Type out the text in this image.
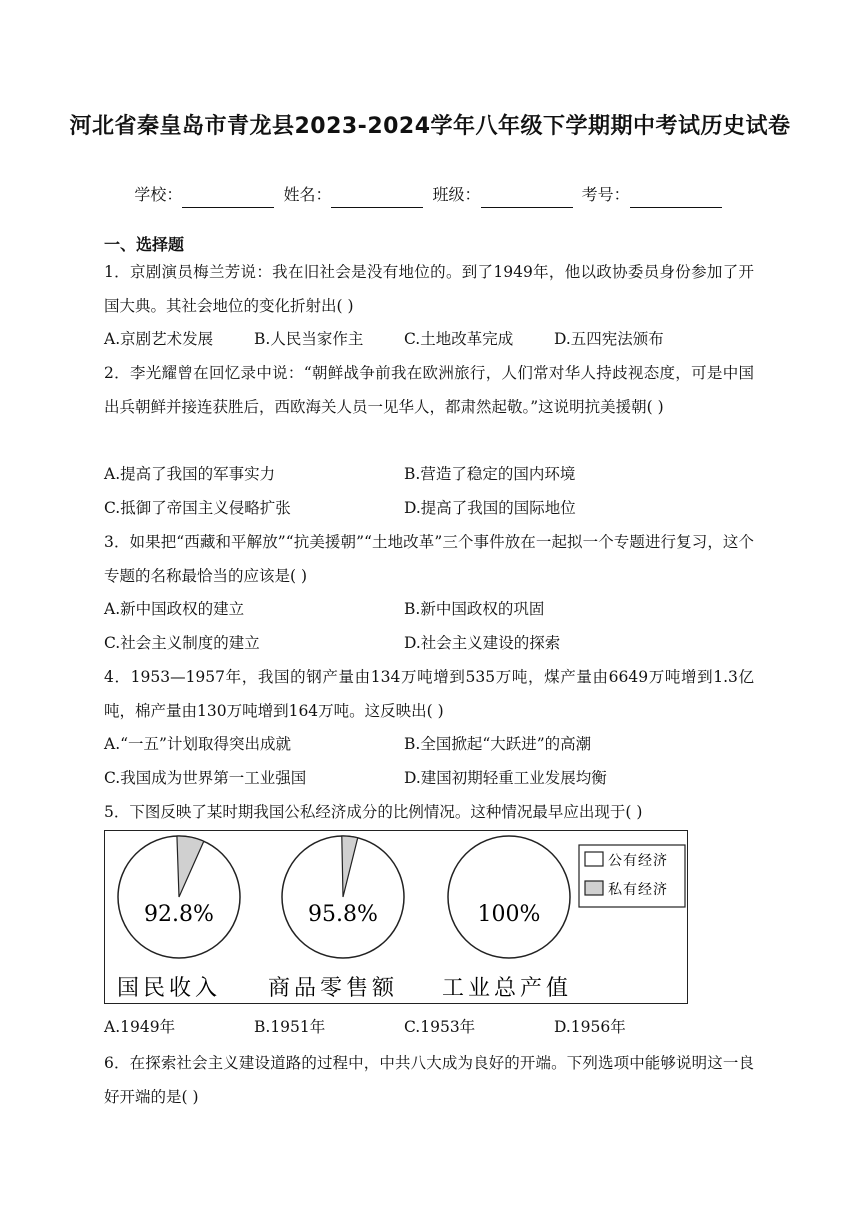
河北省秦皇岛市青龙县2023-2024学年八年级下学期期中考试历史试卷
学校：	姓名：	班级：	考号：
一、选择题
1．京剧演员梅兰芳说：我在旧社会是没有地位的。到了1949年，他以政协委员身份参加了开国大典。其社会地位的变化折射出( )
A.京剧艺术发展	B.人民当家作主	C.土地改革完成	D.五四宪法颁布
2．李光耀曾在回忆录中说：“朝鲜战争前我在欧洲旅行，人们常对华人持歧视态度，可是中国出兵朝鲜并接连获胜后，西欧海关人员一见华人，都肃然起敬。”这说明抗美援朝( )
A.提高了我国的军事实力	B.营造了稳定的国内环境
C.抵御了帝国主义侵略扩张	D.提高了我国的国际地位
3．如果把“西藏和平解放”“抗美援朝”“土地改革”三个事件放在一起拟一个专题进行复习，这个专题的名称最恰当的应该是( )
A.新中国政权的建立	B.新中国政权的巩固
C.社会主义制度的建立	D.社会主义建设的探索
4．1953—1957年，我国的钢产量由134万吨增到535万吨，煤产量由6649万吨增到1.3亿吨，棉产量由130万吨增到164万吨。这反映出( )
A.“一五”计划取得突出成就	B.全国掀起“大跃进”的高潮
C.我国成为世界第一工业强国	D.建国初期轻重工业发展均衡
5．下图反映了某时期我国公私经济成分的比例情况。这种情况最早应出现于( )
92.8%
国民收入
95.8%
商品零售额
100%
工业总产值
公有经济
私有经济
A.1949年	B.1951年	C.1953年	D.1956年
6．在探索社会主义建设道路的过程中，中共八大成为良好的开端。下列选项中能够说明这一良好开端的是( )
